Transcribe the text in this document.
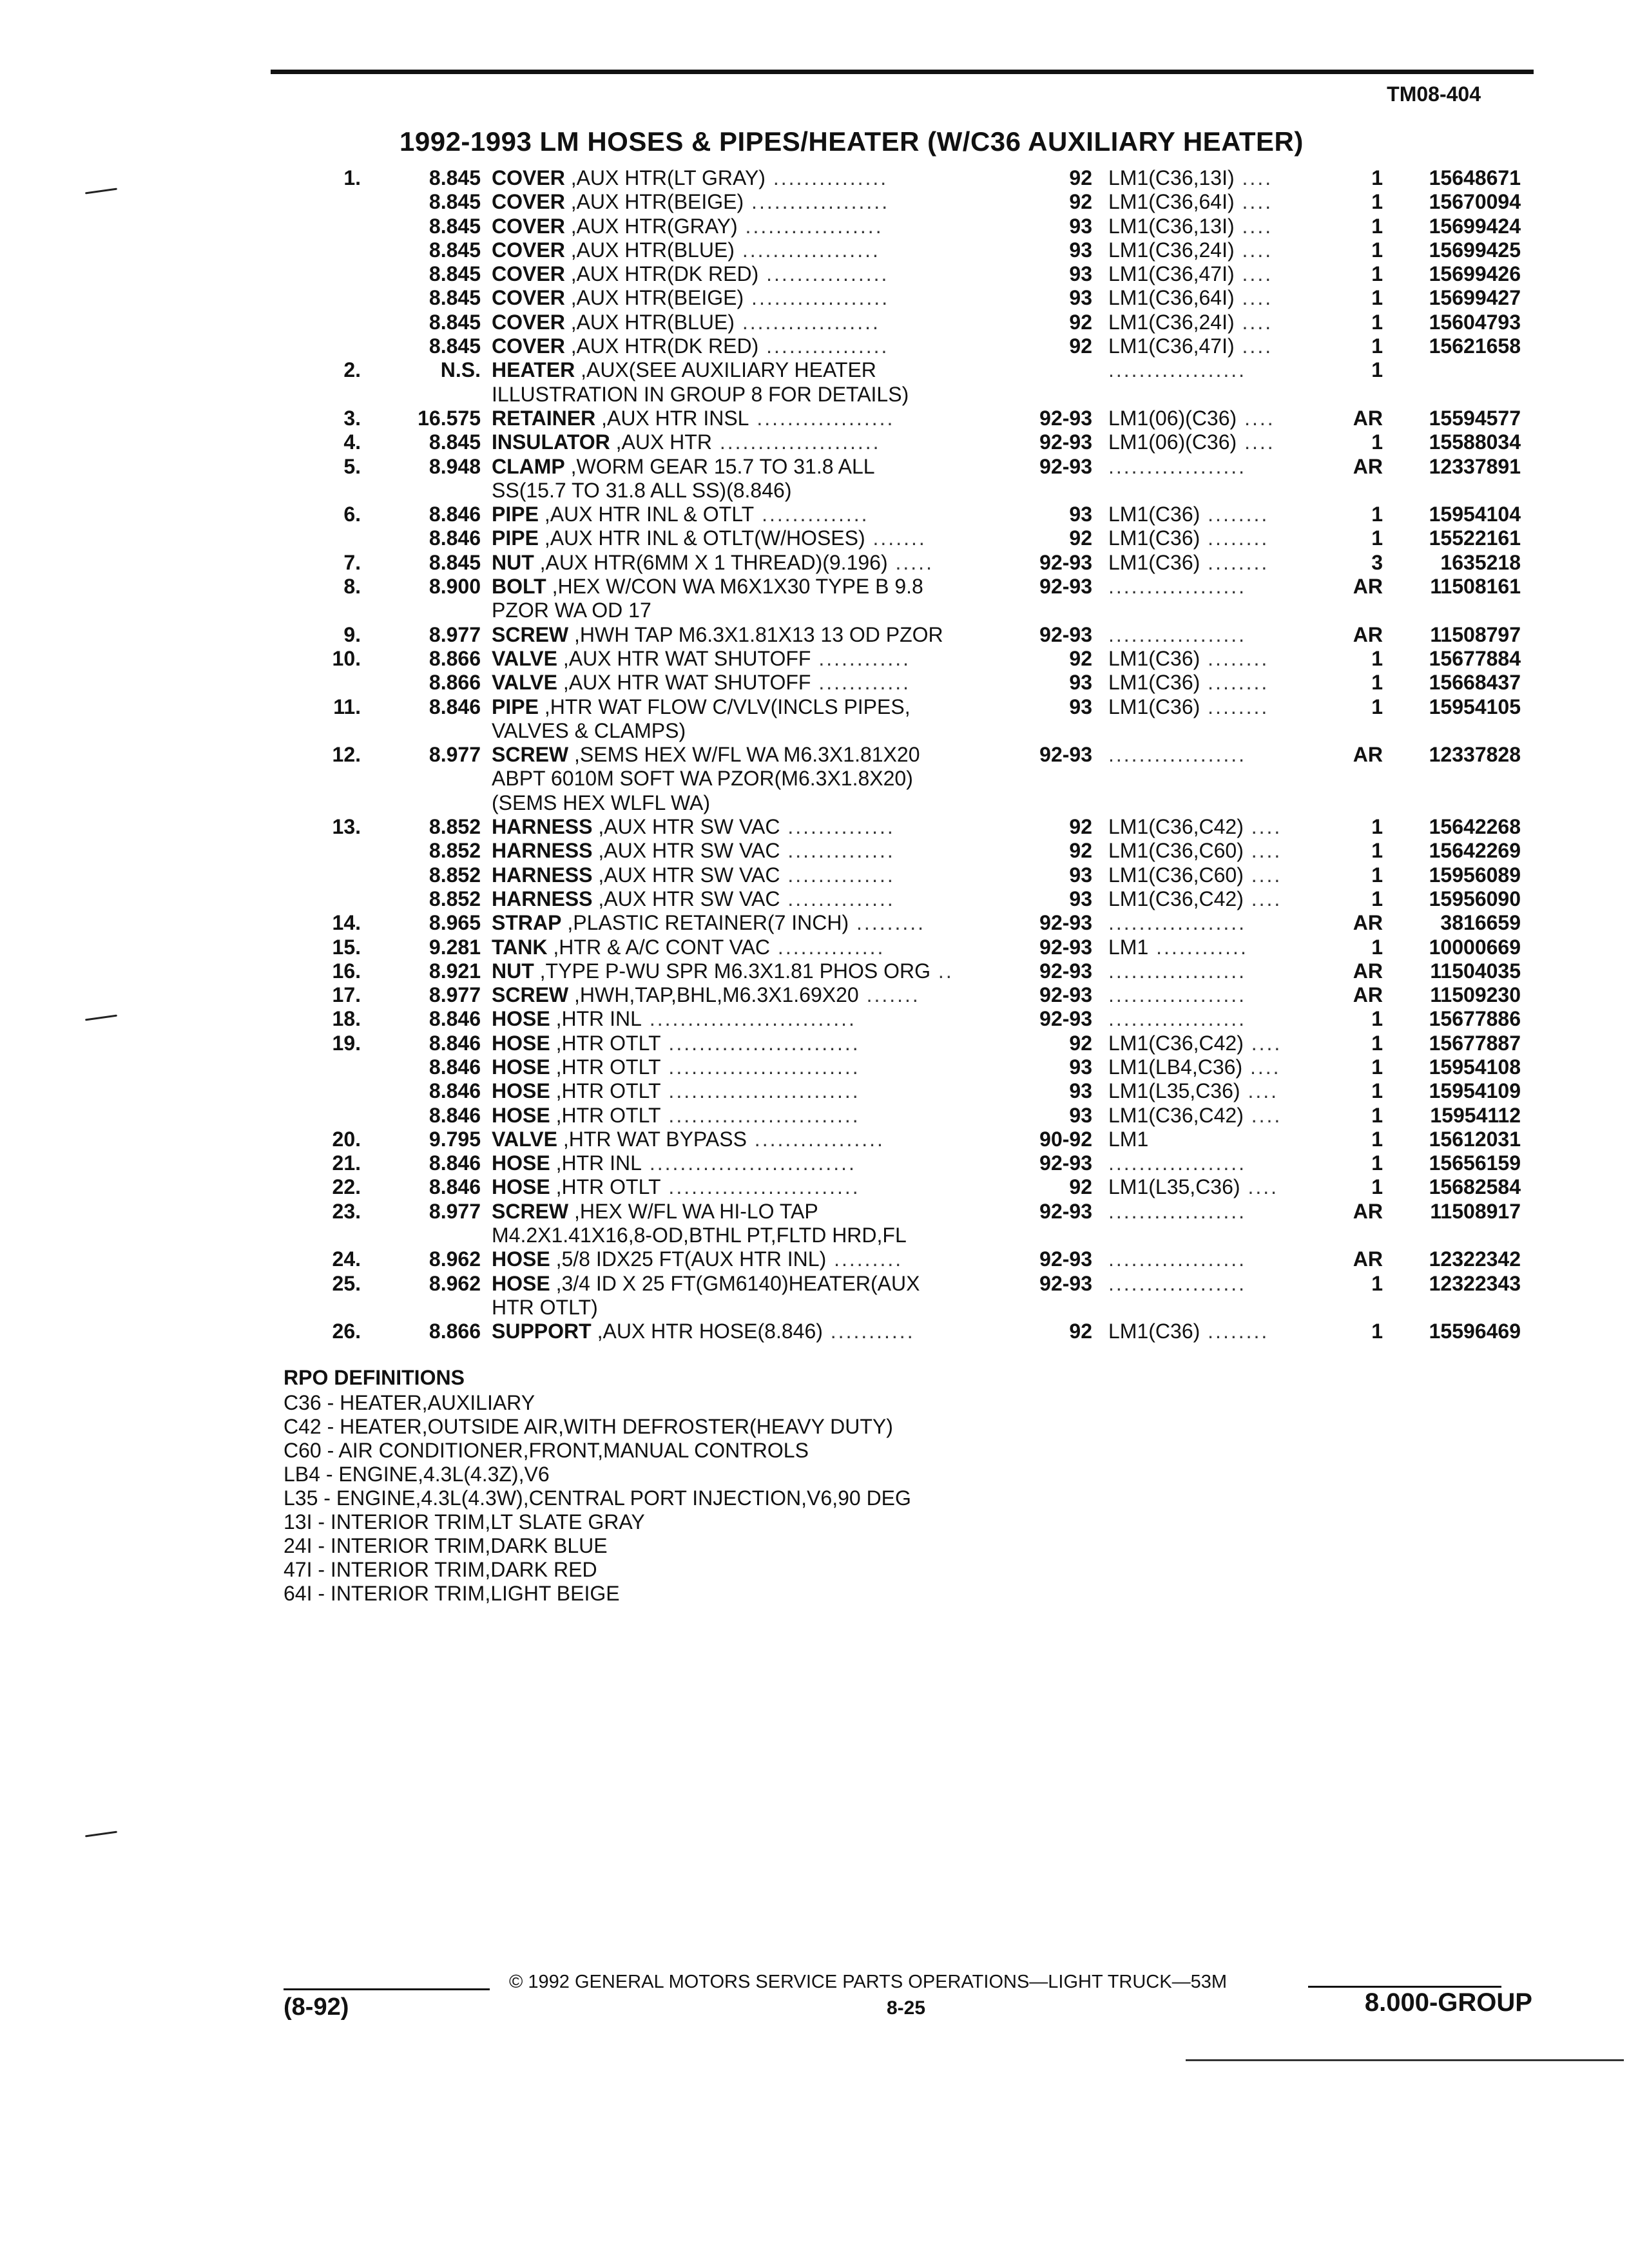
TM08-404
1992-1993 LM HOSES & PIPES/HEATER (W/C36 AUXILIARY HEATER)
1.	8.845 COVER ,AUX HTR(LT GRAY) ...............	92 LM1(C36,13I) ....	1	15648671
8.845 COVER ,AUX HTR(BEIGE) ..................	92 LM1(C36,64I) ....	1	15670094
8.845 COVER ,AUX HTR(GRAY) ..................	93 LM1(C36,13I) ....	1	15699424
8.845 COVER ,AUX HTR(BLUE) ..................	93 LM1(C36,24I) ....	1	15699425
8.845 COVER ,AUX HTR(DK RED) ................	93 LM1(C36,47I) ....	1	15699426
8.845 COVER ,AUX HTR(BEIGE) ..................	93 LM1(C36,64I) ....	1	15699427
8.845 COVER ,AUX HTR(BLUE) ..................	92 LM1(C36,24I) ....	1	15604793
8.845 COVER ,AUX HTR(DK RED) ................	92 LM1(C36,47I) ....	1	15621658
2.	N.S. HEATER ,AUX(SEE AUXILIARY HEATER	..................	1
ILLUSTRATION IN GROUP 8 FOR DETAILS)
3.	16.575 RETAINER ,AUX HTR INSL ..................	92-93 LM1(06)(C36) ....	AR	15594577
4.	8.845 INSULATOR ,AUX HTR .....................	92-93 LM1(06)(C36) ....	1	15588034
5.	8.948 CLAMP ,WORM GEAR 15.7 TO 31.8 ALL	92-93 ..................	AR	12337891
SS(15.7 TO 31.8 ALL SS)(8.846)
6.	8.846 PIPE ,AUX HTR INL & OTLT ..............	93 LM1(C36) ........	1	15954104
8.846 PIPE ,AUX HTR INL & OTLT(W/HOSES) .......	92 LM1(C36) ........	1	15522161
7.	8.845 NUT ,AUX HTR(6MM X 1 THREAD)(9.196) .....	92-93 LM1(C36) ........	3	1635218
8.	8.900 BOLT ,HEX W/CON WA M6X1X30 TYPE B 9.8	92-93 ..................	AR	11508161
PZOR WA OD 17
9.	8.977 SCREW ,HWH TAP M6.3X1.81X13 13 OD PZOR	92-93 ..................	AR	11508797
10.	8.866 VALVE ,AUX HTR WAT SHUTOFF ............	92 LM1(C36) ........	1	15677884
8.866 VALVE ,AUX HTR WAT SHUTOFF ............	93 LM1(C36) ........	1	15668437
11.	8.846 PIPE ,HTR WAT FLOW C/VLV(INCLS PIPES,	93 LM1(C36) ........	1	15954105
VALVES & CLAMPS)
12.	8.977 SCREW ,SEMS HEX W/FL WA M6.3X1.81X20	92-93 ..................	AR	12337828
ABPT 6010M SOFT WA PZOR(M6.3X1.8X20)
(SEMS HEX WLFL WA)
13.	8.852 HARNESS ,AUX HTR SW VAC ..............	92 LM1(C36,C42) ....	1	15642268
8.852 HARNESS ,AUX HTR SW VAC ..............	92 LM1(C36,C60) ....	1	15642269
8.852 HARNESS ,AUX HTR SW VAC ..............	93 LM1(C36,C60) ....	1	15956089
8.852 HARNESS ,AUX HTR SW VAC ..............	93 LM1(C36,C42) ....	1	15956090
14.	8.965 STRAP ,PLASTIC RETAINER(7 INCH) .........	92-93 ..................	AR	3816659
15.	9.281 TANK ,HTR & A/C CONT VAC ..............	92-93 LM1 ............	1	10000669
16.	8.921 NUT ,TYPE P-WU SPR M6.3X1.81 PHOS ORG ..	92-93 ..................	AR	11504035
17.	8.977 SCREW ,HWH,TAP,BHL,M6.3X1.69X20 .......	92-93 ..................	AR	11509230
18.	8.846 HOSE ,HTR INL ...........................	92-93 ..................	1	15677886
19.	8.846 HOSE ,HTR OTLT .........................	92 LM1(C36,C42) ....	1	15677887
8.846 HOSE ,HTR OTLT .........................	93 LM1(LB4,C36) ....	1	15954108
8.846 HOSE ,HTR OTLT .........................	93 LM1(L35,C36) ....	1	15954109
8.846 HOSE ,HTR OTLT .........................	93 LM1(C36,C42) ....	1	15954112
20.	9.795 VALVE ,HTR WAT BYPASS .................	90-92 LM1	1	15612031
21.	8.846 HOSE ,HTR INL ...........................	92-93 ..................	1	15656159
22.	8.846 HOSE ,HTR OTLT .........................	92 LM1(L35,C36) ....	1	15682584
23.	8.977 SCREW ,HEX W/FL WA HI-LO TAP	92-93 ..................	AR	11508917
M4.2X1.41X16,8-OD,BTHL PT,FLTD HRD,FL
24.	8.962 HOSE ,5/8 IDX25 FT(AUX HTR INL) .........	92-93 ..................	AR	12322342
25.	8.962 HOSE ,3/4 ID X 25 FT(GM6140)HEATER(AUX	92-93 ..................	1	12322343
HTR OTLT)
26.	8.866 SUPPORT ,AUX HTR HOSE(8.846) ...........	92 LM1(C36) ........	1	15596469
RPO DEFINITIONS
C36 - HEATER,AUXILIARY
C42 - HEATER,OUTSIDE AIR,WITH DEFROSTER(HEAVY DUTY)
C60 - AIR CONDITIONER,FRONT,MANUAL CONTROLS
LB4 - ENGINE,4.3L(4.3Z),V6
L35 - ENGINE,4.3L(4.3W),CENTRAL PORT INJECTION,V6,90 DEG
13I - INTERIOR TRIM,LT SLATE GRAY
24I - INTERIOR TRIM,DARK BLUE
47I - INTERIOR TRIM,DARK RED
64I - INTERIOR TRIM,LIGHT BEIGE
© 1992 GENERAL MOTORS SERVICE PARTS OPERATIONS—LIGHT TRUCK—53M
8-25
(8-92)	8.000-GROUP
